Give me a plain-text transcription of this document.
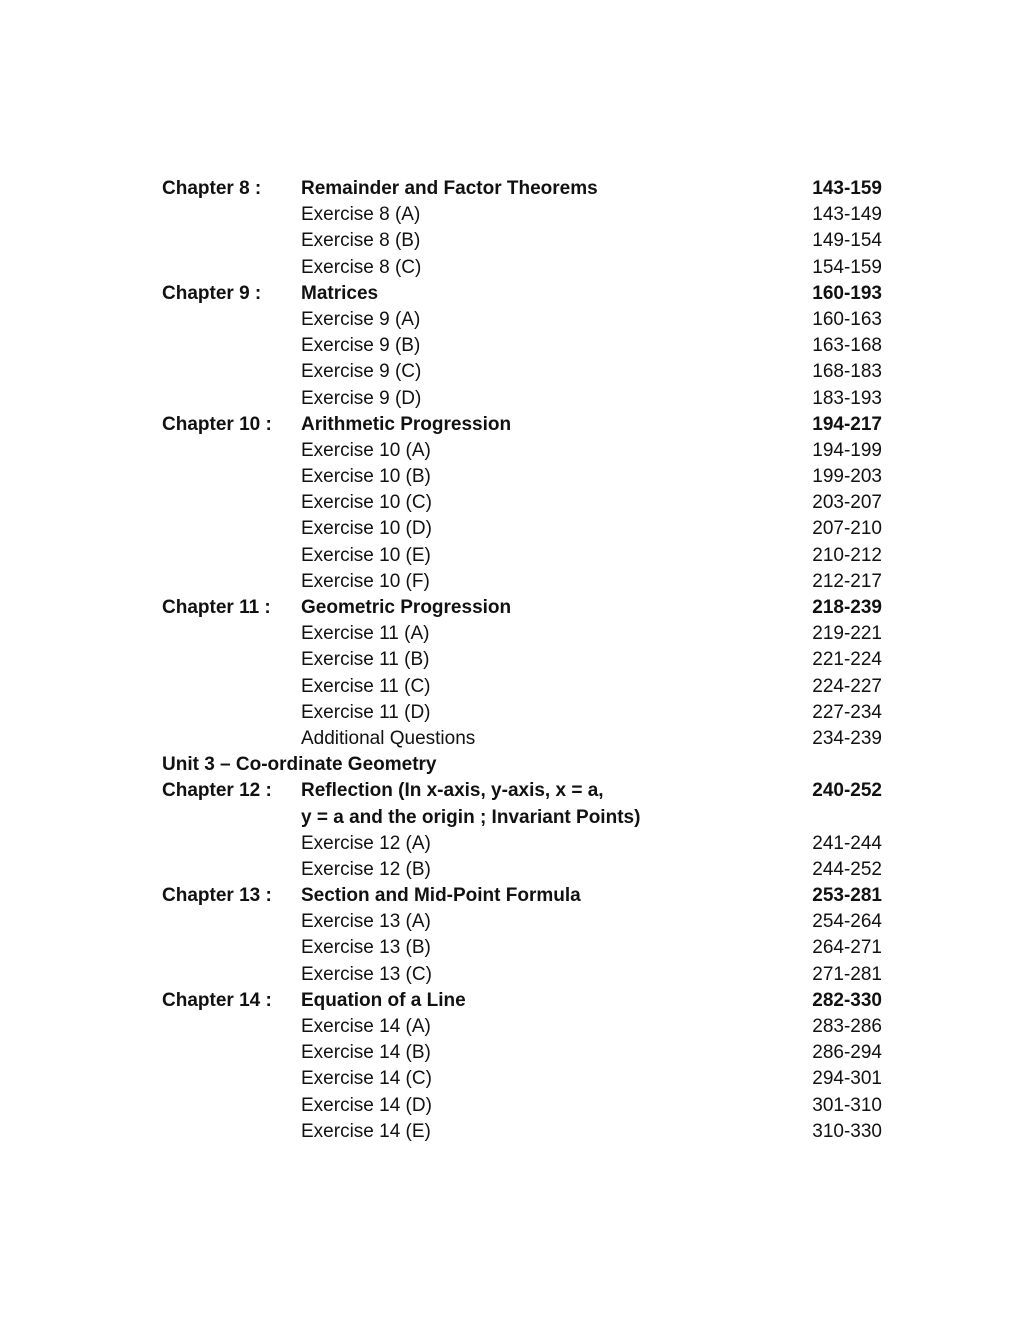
Chapter 8 : Remainder and Factor Theorems	143-159
Exercise 8 (A)	143-149
Exercise 8 (B)	149-154
Exercise 8 (C)	154-159
Chapter 9 : Matrices	160-193
Exercise 9 (A)	160-163
Exercise 9 (B)	163-168
Exercise 9 (C)	168-183
Exercise 9 (D)	183-193
Chapter 10 : Arithmetic Progression	194-217
Exercise 10 (A)	194-199
Exercise 10 (B)	199-203
Exercise 10 (C)	203-207
Exercise 10 (D)	207-210
Exercise 10 (E)	210-212
Exercise 10 (F)	212-217
Chapter 11 : Geometric Progression	218-239
Exercise 11 (A)	219-221
Exercise 11 (B)	221-224
Exercise 11 (C)	224-227
Exercise 11 (D)	227-234
Additional Questions	234-239
Unit 3 – Co-ordinate Geometry
Chapter 12 : Reflection (In x-axis, y-axis, x = a,	240-252
y = a and the origin ; Invariant Points)
Exercise 12 (A)	241-244
Exercise 12 (B)	244-252
Chapter 13 : Section and Mid-Point Formula	253-281
Exercise 13 (A)	254-264
Exercise 13 (B)	264-271
Exercise 13 (C)	271-281
Chapter 14 : Equation of a Line	282-330
Exercise 14 (A)	283-286
Exercise 14 (B)	286-294
Exercise 14 (C)	294-301
Exercise 14 (D)	301-310
Exercise 14 (E)	310-330
